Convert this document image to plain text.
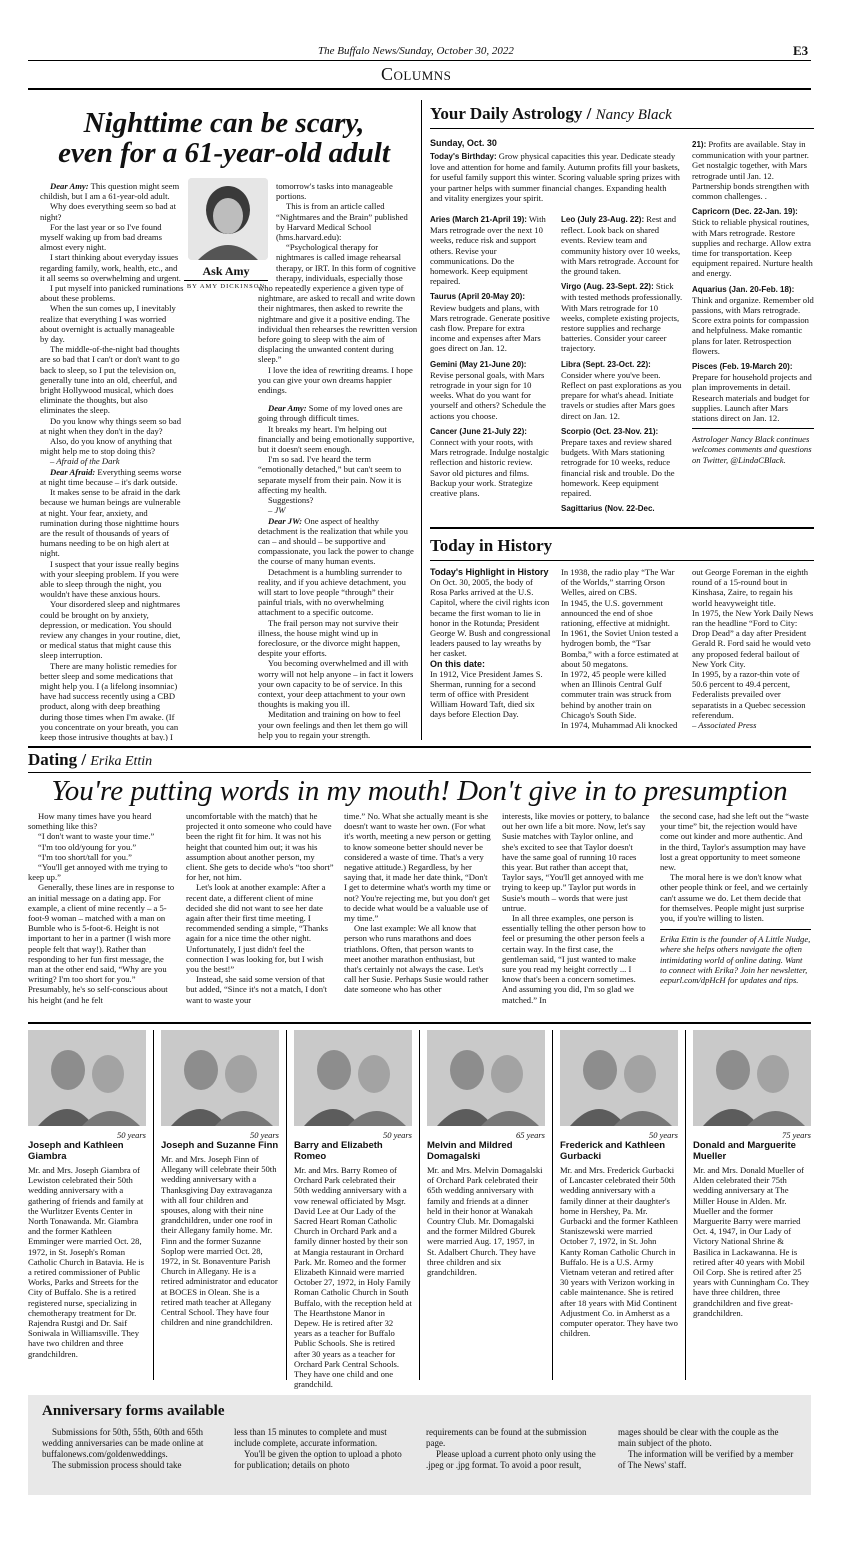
The Buffalo News/Sunday, October 30, 2022	E3
Columns
Nighttime can be scary,
even for a 61-year-old adult

Dear Amy: This question might seem childish, but I am a 61-year-old adult.

Why does everything seem so bad at night?

For the last year or so I've found myself waking up from bad dreams almost every night.

I start thinking about everyday issues regarding family, work, health, etc., and it all seems so overwhelming and urgent.

I put myself into panicked ruminations about these problems.

When the sun comes up, I inevitably realize that everything I was worried about overnight is actually manageable by day.

The middle-of-the-night bad thoughts are so bad that I can't or don't want to go back to sleep, so I put the television on, generally tune into an old, cheerful, and bright Hollywood musical, which does eliminate the thoughts, but also eliminates the sleep.

Do you know why things seem so bad at night when they don't in the day?

Also, do you know of anything that might help me to stop doing this?

– Afraid of the Dark

Dear Afraid: Everything seems worse at night time because – it's dark outside.

It makes sense to be afraid in the dark because we human beings are vulnerable at night. Your fear, anxiety, and rumination during those nighttime hours are the result of thousands of years of humans needing to be on high alert at night.

I suspect that your issue really begins with your sleeping problem. If you were able to sleep through the night, you wouldn't have these anxious hours.

Your disordered sleep and nightmares could be brought on by anxiety, depression, or medication. You should review any changes in your routine, diet, or medical status that might cause this sleep interruption.

There are many holistic remedies for better sleep and some medications that might help you. I (a lifelong insomniac) have had success recently using a CBD product, along with deep breathing during those times when I'm awake. (If you concentrate on your breath, you can keep those intrusive thoughts at bay.) I

Ask Amy
BY AMY DICKINSON

tomorrow's tasks into manageable portions.

This is from an article called “Nightmares and the Brain” published by Harvard Medical School (hms.harvard.edu):

“Psychological therapy for nightmares is called image rehearsal therapy, or IRT. In this form of cognitive therapy, individuals, especially those who repeatedly experience a given type of nightmare, are asked to recall and write down their nightmares, then asked to rewrite the nightmare and give it a positive ending. The individual then rehearses the rewritten version before going to sleep with the aim of displacing the unwanted content during sleep.”

I love the idea of rewriting dreams. I hope you can give your own dreams happier endings.

Dear Amy: Some of my loved ones are going through difficult times.

It breaks my heart. I'm helping out financially and being emotionally supportive, but it doesn't seem enough.

I'm so sad. I've heard the term “emotionally detached,” but can't seem to separate myself from their pain. Now it is affecting my health.

Suggestions?

– JW

Dear JW: One aspect of healthy detachment is the realization that while you can – and should – be supportive and compassionate, you lack the power to change the course of many human events.

Detachment is a humbling surrender to reality, and if you achieve detachment, you will start to love people “through” their painful trials, with no overwhelming attachment to a specific outcome.

The frail person may not survive their illness, the house might wind up in foreclosure, or the divorce might happen, despite your efforts.

You becoming overwhelmed and ill with worry will not help anyone – in fact it lowers your own capacity to be of service. In this context, your deep attachment to your own thoughts is making you ill.

Meditation and training on how to feel your own feelings and then let them go will help you to regain your strength.

Your Daily Astrology / Nancy Black
Sunday, Oct. 30

Today's Birthday: Grow physical capacities this year. Dedicate steady love and attention for home and family. Autumn profits fill your baskets, for useful family support this winter. Scoring valuable spring prizes with your partner helps with summer financial changes. Expanding health and vitality energizes your spirit.

Aries (March 21-April 19): With Mars retrograde over the next 10 weeks, reduce risk and support others. Revise your communications. Do the homework. Keep equipment repaired.

Taurus (April 20-May 20): Review budgets and plans, with Mars retrograde. Generate positive cash flow. Prepare for extra income and expenses after Mars goes direct on Jan. 12.

Gemini (May 21-June 20): Revise personal goals, with Mars retrograde in your sign for 10 weeks. What do you want for yourself and others? Schedule the actions you choose.

Cancer (June 21-July 22): Connect with your roots, with Mars retrograde. Indulge nostalgic reflection and historic review. Savor old pictures and films. Backup your work. Strategize creative plans.

Leo (July 23-Aug. 22): Rest and reflect. Look back on shared events. Review team and community history over 10 weeks, with Mars retrograde. Account for the ground taken.

Virgo (Aug. 23-Sept. 22): Stick with tested methods professionally. With Mars retrograde for 10 weeks, complete existing projects, restore supplies and recharge batteries. Consider your career trajectory.

Libra (Sept. 23-Oct. 22): Consider where you've been. Reflect on past explorations as you prepare for what's ahead. Initiate travels or studies after Mars goes direct on Jan. 12.

Scorpio (Oct. 23-Nov. 21): Prepare taxes and review shared budgets. With Mars stationing retrograde for 10 weeks, reduce financial risk and trouble. Do the homework. Keep equipment repaired.

Sagittarius (Nov. 22-Dec.

21): Profits are available. Stay in communication with your partner. Get nostalgic together, with Mars retrograde until Jan. 12. Partnership bonds strengthen with common challenges. .

Capricorn (Dec. 22-Jan. 19): Stick to reliable physical routines, with Mars retrograde. Restore supplies and recharge. Allow extra time for transportation. Keep equipment repaired. Nurture health and energy.

Aquarius (Jan. 20-Feb. 18): Think and organize. Remember old passions, with Mars retrograde. Score extra points for compassion and helpfulness. Make romantic plans for later. Retrospection flowers.

Pisces (Feb. 19-March 20): Prepare for household projects and plan improvements in detail. Research materials and budget for supplies. Launch after Mars stations direct on Jan. 12.

Astrologer Nancy Black continues welcomes comments and questions on Twitter, @LindaCBlack.

Today in History
Today's Highlight in History

On Oct. 30, 2005, the body of Rosa Parks arrived at the U.S. Capitol, where the civil rights icon became the first woman to lie in honor in the Rotunda; President George W. Bush and congressional leaders paused to lay wreaths by her casket.

On this date:

In 1912, Vice President James S. Sherman, running for a second term of office with President William Howard Taft, died six days before Election Day.

In 1938, the radio play “The War of the Worlds,” starring Orson Welles, aired on CBS.

In 1945, the U.S. government announced the end of shoe rationing, effective at midnight.

In 1961, the Soviet Union tested a hydrogen bomb, the “Tsar Bomba,” with a force estimated at about 50 megatons.

In 1972, 45 people were killed when an Illinois Central Gulf commuter train was struck from behind by another train on Chicago's South Side.

In 1974, Muhammad Ali knocked

out George Foreman in the eighth round of a 15-round bout in Kinshasa, Zaire, to regain his world heavyweight title.

In 1975, the New York Daily News ran the headline “Ford to City: Drop Dead” a day after President Gerald R. Ford said he would veto any proposed federal bailout of New York City.

In 1995, by a razor-thin vote of 50.6 percent to 49.4 percent, Federalists prevailed over separatists in a Quebec secession referendum.

– Associated Press

Dating / Erika Ettin
You're putting words in my mouth! Don't give in to presumption

How many times have you heard something like this?

“I don't want to waste your time.”

“I'm too old/young for you.”

“I'm too short/tall for you.”

“You'll get annoyed with me trying to keep up.”

Generally, these lines are in response to an initial message on a dating app. For example, a client of mine recently – a 5-foot-9 woman – matched with a man on Bumble who is 5-foot-6. Height is not important to her in a partner (I wish more people felt that way!). Rather than responding to her fun first message, the man at the other end said, “Why are you writing? I'm too short for you.” Presumably, he's so self-conscious about his height (and he felt

uncomfortable with the match) that he projected it onto someone who could have been the right fit for him. It was not his height that counted him out; it was his assumption about another person, my client. She gets to decide who's “too short” for her, not him.

Let's look at another example: After a recent date, a different client of mine decided she did not want to see her date again after their first time meeting. I recommended sending a simple, “Thanks again for a nice time the other night. Unfortunately, I just didn't feel the connection I was looking for, but I wish you the best!”

Instead, she said some version of that but added, “Since it's not a match, I don't want to waste your

time.” No. What she actually meant is she doesn't want to waste her own. (For what it's worth, meeting a new person or getting to know someone better should never be considered a waste of time. That's a very negative attitude.) Regardless, by her saying that, it made her date think, “Don't I get to determine what's worth my time or not? You're rejecting me, but you don't get to decide what would be a valuable use of my time.”

One last example: We all know that person who runs marathons and does triathlons. Often, that person wants to meet another marathon enthusiast, but that's certainly not always the case. Let's call her Susie. Perhaps Susie would rather date someone who has other

interests, like movies or pottery, to balance out her own life a bit more. Now, let's say Susie matches with Taylor online, and she's excited to see that Taylor doesn't have the same goal of running 10 races this year. But rather than accept that, Taylor says, “You'll get annoyed with me trying to keep up.” Taylor put words in Susie's mouth – words that were just untrue.

In all three examples, one person is essentially telling the other person how to feel or presuming the other person feels a certain way. In the first case, the gentleman said, “I just wanted to make sure you read my height correctly ... I know that's been a concern sometimes. And assuming you did, I'm so glad we matched.” In

the second case, had she left out the “waste your time” bit, the rejection would have come out kinder and more authentic. And in the third, Taylor's assumption may have lost a great opportunity to meet someone new.

The moral here is we don't know what other people think or feel, and we certainly can't assume we do. Let them decide that for themselves. People might just surprise you, if you're willing to listen.

Erika Ettin is the founder of A Little Nudge, where she helps others navigate the often intimidating world of online dating. Want to connect with Erika? Join her newsletter, eepurl.com/dpHcH for updates and tips.

50 years
Joseph and Kathleen Giambra

Mr. and Mrs. Joseph Giambra of Lewiston celebrated their 50th wedding anniversary with a gathering of friends and family at the Wurlitzer Events Center in North Tonawanda. Mr. Giambra and the former Kathleen Emminger were married Oct. 28, 1972, in St. Joseph's Roman Catholic Church in Batavia. He is a retired commissioner of Public Works, Parks and Streets for the City of Buffalo. She is a retired registered nurse, specializing in chemotherapy treatment for Dr. Rajendra Rustgi and Dr. Saif Soniwala in Williamsville. They have two children and three grandchildren.

50 years
Joseph and Suzanne Finn

Mr. and Mrs. Joseph Finn of Allegany will celebrate their 50th wedding anniversary with a Thanksgiving Day extravaganza with all four children and spouses, along with their nine grandchildren, under one roof in their Allegany family home. Mr. Finn and the former Suzanne Soplop were married Oct. 28, 1972, in St. Bonaventure Parish Church in Allegany. He is a retired administrator and educator at BOCES in Olean. She is a retired math teacher at Allegany Central School. They have four children and nine grandchildren.

50 years
Barry and Elizabeth Romeo

Mr. and Mrs. Barry Romeo of Orchard Park celebrated their 50th wedding anniversary with a vow renewal officiated by Msgr. David Lee at Our Lady of the Sacred Heart Roman Catholic Church in Orchard Park and a family dinner hosted by their son at Mangia restaurant in Orchard Park. Mr. Romeo and the former Elizabeth Kinnaid were married October 27, 1972, in Holy Family Roman Catholic Church in South Buffalo, with the reception held at The Hearthstone Manor in Depew. He is retired after 32 years as a teacher for Buffalo Public Schools. She is retired after 30 years as a teacher for Orchard Park Central Schools. They have one child and one grandchild.

65 years
Melvin and Mildred Domagalski

Mr. and Mrs. Melvin Domagalski of Orchard Park celebrated their 65th wedding anniversary with family and friends at a dinner held in their honor at Wanakah Country Club. Mr. Domagalski and the former Mildred Gburek were married Aug. 17, 1957, in St. Adalbert Church. They have three children and six grandchildren.

50 years
Frederick and Kathleen Gurbacki

Mr. and Mrs. Frederick Gurbacki of Lancaster celebrated their 50th wedding anniversary with a family dinner at their daughter's home in Hershey, Pa. Mr. Gurbacki and the former Kathleen Staniszewski were married October 7, 1972, in St. John Kanty Roman Catholic Church in Buffalo. He is a U.S. Army Vietnam veteran and retired after 30 years with Verizon working in cable maintenance. She is retired after 18 years with Mid Continent Adjustment Co. in Amherst as a computer operator. They have two children.

75 years
Donald and Marguerite Mueller

Mr. and Mrs. Donald Mueller of Alden celebrated their 75th wedding anniversary at The Miller House in Alden. Mr. Mueller and the former Marguerite Barry were married Oct. 4, 1947, in Our Lady of Victory National Shrine & Basilica in Lackawanna. He is retired after 40 years with Mobil Oil Corp. She is retired after 25 years with Cunningham Co. They have three children, three grandchildren and five great-grandchildren.

Anniversary forms available

Submissions for 50th, 55th, 60th and 65th wedding anniversaries can be made online at buffalonews.com/goldenweddings.

The submission process should take

less than 15 minutes to complete and must include complete, accurate information.

You'll be given the option to upload a photo for publication; details on photo

requirements can be found at the submission page.

Please upload a current photo only using the .jpeg or .jpg format. To avoid a poor result,

mages should be clear with the couple as the main subject of the photo.

The information will be verified by a member of The News' staff.
